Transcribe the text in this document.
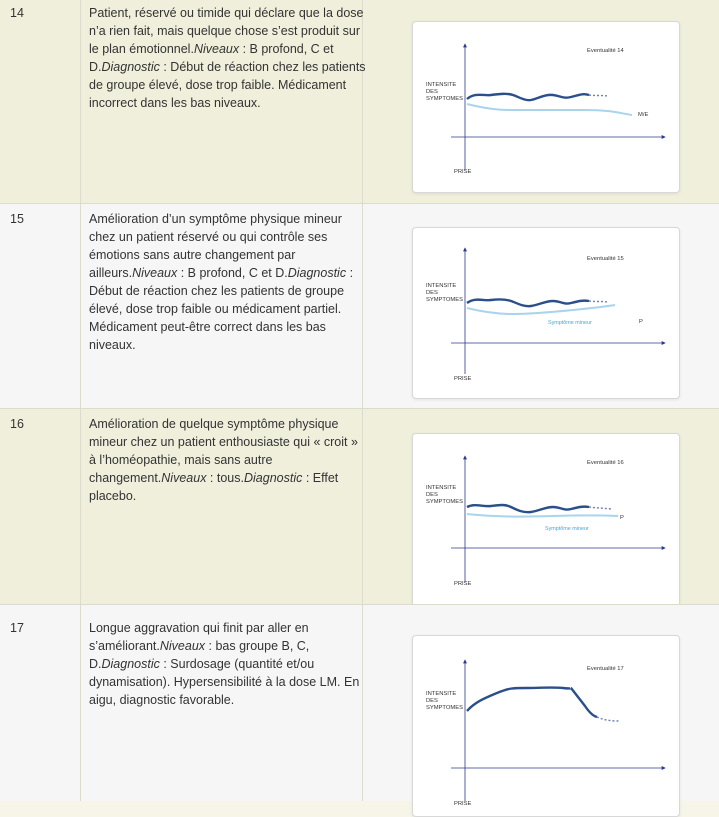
14	Patient, réservé ou timide qui déclare que la dose n’a rien fait, mais quelque chose s’est produit sur le plan émotionnel.Niveaux : B profond, C et D.Diagnostic : Début de réaction chez les patients de groupe élevé, dose trop faible. Médicament incorrect dans les bas niveaux.
Eventualité 14
INTENSITE
DES
SYMPTOMES
PRISE
M/E
15	Amélioration d’un symptôme physique mineur chez un patient réservé ou qui contrôle ses émotions sans autre changement par ailleurs.Niveaux : B profond, C et D.Diagnostic : Début de réaction chez les patients de groupe élevé, dose trop faible ou médicament partiel. Médicament peut-être correct dans les bas niveaux.
Eventualité 15
INTENSITE
DES
SYMPTOMES
PRISE
Symptôme mineur	P
16	Amélioration de quelque symptôme physique mineur chez un patient enthousiaste qui « croit » à l’homéopathie, mais sans autre changement.Niveaux : tous.Diagnostic : Effet placebo.
Eventualité 16
INTENSITE
DES
SYMPTOMES
PRISE
P
Symptôme mineur
17	Longue aggravation qui finit par aller en s’améliorant.Niveaux : bas groupe B, C, D.Diagnostic : Surdosage (quantité et/ou dynamisation). Hypersensibilité à la dose LM. En aigu, diagnostic favorable.
Eventualité 17
INTENSITE
DES
SYMPTOMES
PRISE
